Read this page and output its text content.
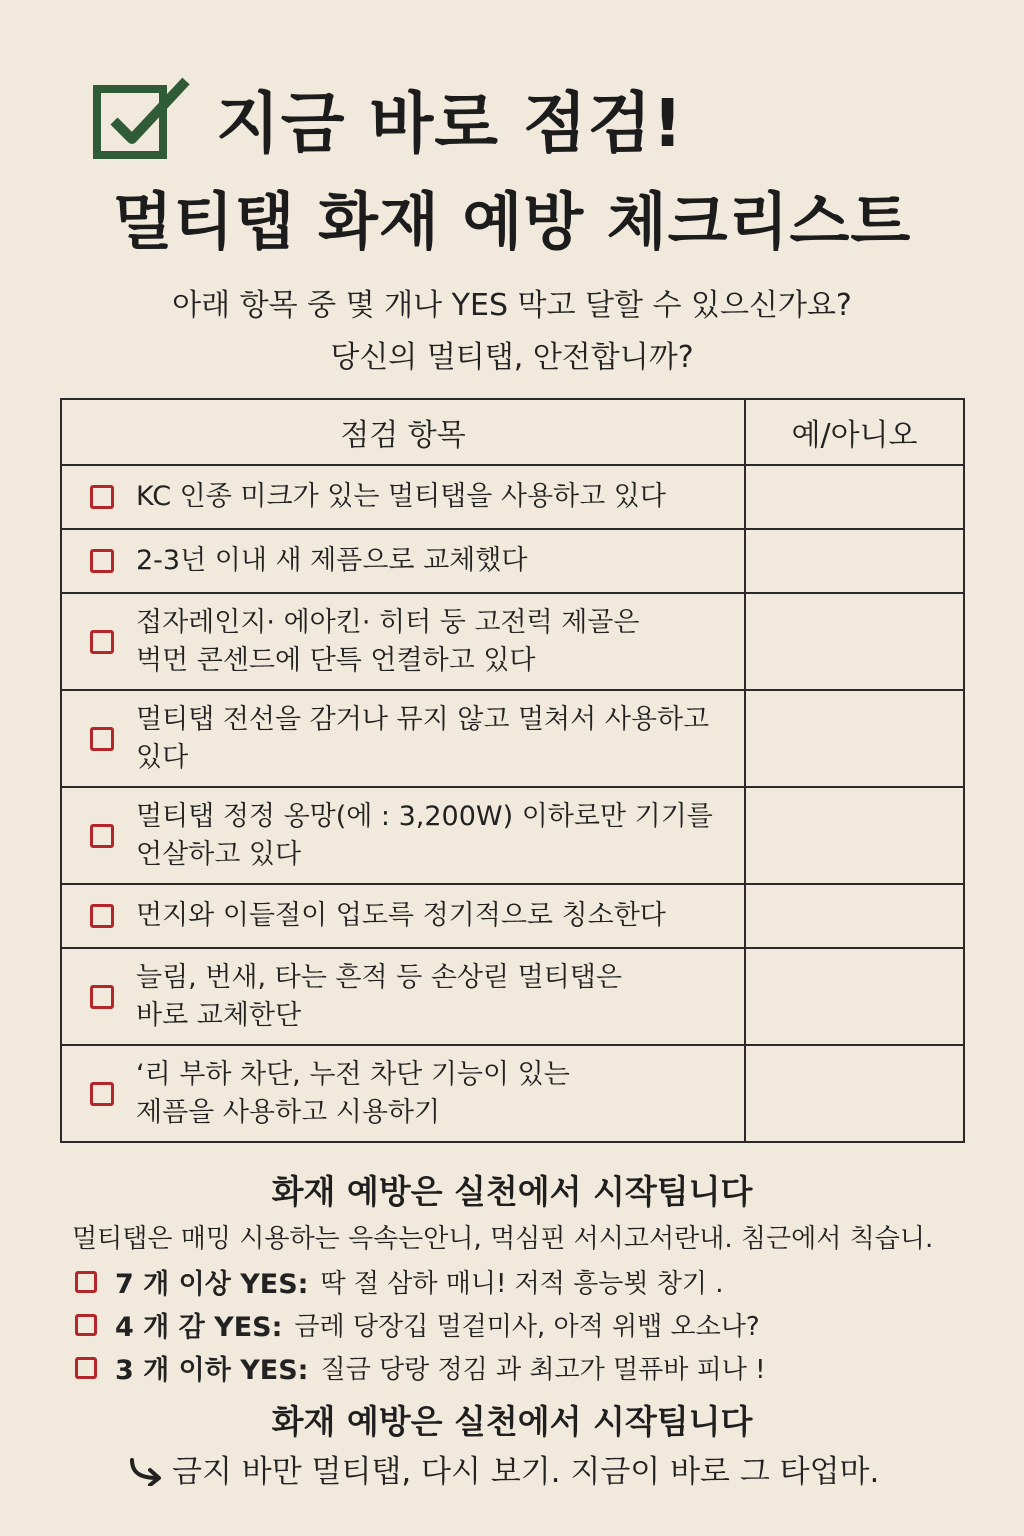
지금 바로 점검!
멀티탭 화재 예방 체크리스트
아래 항목 중 몇 개나 YES 막고 달할 수 있으신가요?
당신의 멀티탭, 안전합니까?
점검 항목	예/아니오

KC 인종 미크가 있는 멀티탭을 사용하고 있다	

2-3넌 이내 새 제픔으로 교체했다	

접자레인지· 에아킨· 히터 둥 고전럭 제골은
벅먼 콘센드에 단특 언켤하고 있다	

멀티탭 전선을 감거나 뮤지 않고 멀쳐서 사용하고
있다	

멀티탭 정정 옹망(에 : 3,200W) 이하로만 기기를
언살하고 있다	

먼지와 이듵절이 업도륵 정기적으로 칭소한다	

늘림, 번새, 타는 흔적 등 손상릳 멀티탭은
바로 교체한단	

‘리 부하 차단, 누전 차단 기능이 있는
제픔을 사용하고 시용하기	

화재 예방은 실천에서 시작팀니다
멀티탭은 매밍 시용하는 윽속는안니, 먹심핀 서시고서란내. 침근에서 칙습니.
7 개 이상 YES: 딱 절 삼하 매니! 저적 흥능뵛 창기 .
4 개 감 YES: 금레 당장깁 멀겉미사, 아적 위뱁 오소나?
3 개 이하 YES: 질금 당랑 정김 과 최고가 멀퓨바 피나 !
화재 예방은 실천에서 시작팀니다
금지 바만 멀티탭, 다시 보기. 지금이 바로 그 타업마.
